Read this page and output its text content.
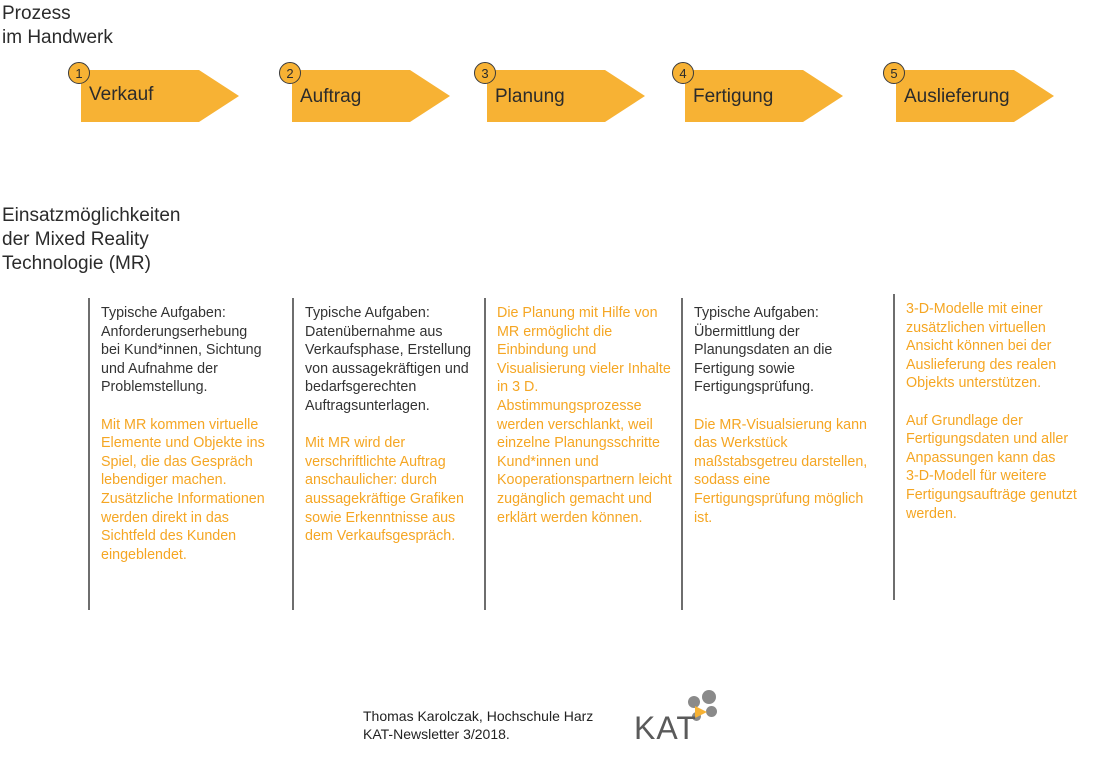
Prozess
im Handwerk
1
Verkauf
2
Auftrag
3
Planung
4
Fertigung
5
Auslieferung
Einsatzmöglichkeiten
der Mixed Reality
Technologie (MR)
Typische Aufgaben:
Anforderungserhebung
bei Kund*innen, Sichtung
und Aufnahme der
Problemstellung.
Mit MR kommen virtuelle
Elemente und Objekte ins
Spiel, die das Gespräch
lebendiger machen.
Zusätzliche Informationen
werden direkt in das
Sichtfeld des Kunden
eingeblendet.
Typische Aufgaben:
Datenübernahme aus
Verkaufsphase, Erstellung
von aussagekräftigen und
bedarfsgerechten
Auftragsunterlagen.
Mit MR wird der
verschriftlichte Auftrag
anschaulicher: durch
aussagekräftige Grafiken
sowie Erkenntnisse aus
dem Verkaufsgespräch.
Die Planung mit Hilfe von
MR ermöglicht die
Einbindung und
Visualisierung vieler Inhalte
in 3 D.
Abstimmungsprozesse
werden verschlankt, weil
einzelne Planungsschritte
Kund*innen und
Kooperationspartnern leicht
zugänglich gemacht und
erklärt werden können.
Typische Aufgaben:
Übermittlung der
Planungsdaten an die
Fertigung sowie
Fertigungsprüfung.
Die MR-Visualsierung kann
das Werkstück
maßstabsgetreu darstellen,
sodass eine
Fertigungsprüfung möglich
ist.
3-D-Modelle mit einer
zusätzlichen virtuellen
Ansicht können bei der
Auslieferung des realen
Objekts unterstützen.

Auf Grundlage der
Fertigungsdaten und aller
Anpassungen kann das
3-D-Modell für weitere
Fertigungsaufträge genutzt
werden.
Thomas Karolczak, Hochschule Harz
KAT-Newsletter 3/2018.	KAT
